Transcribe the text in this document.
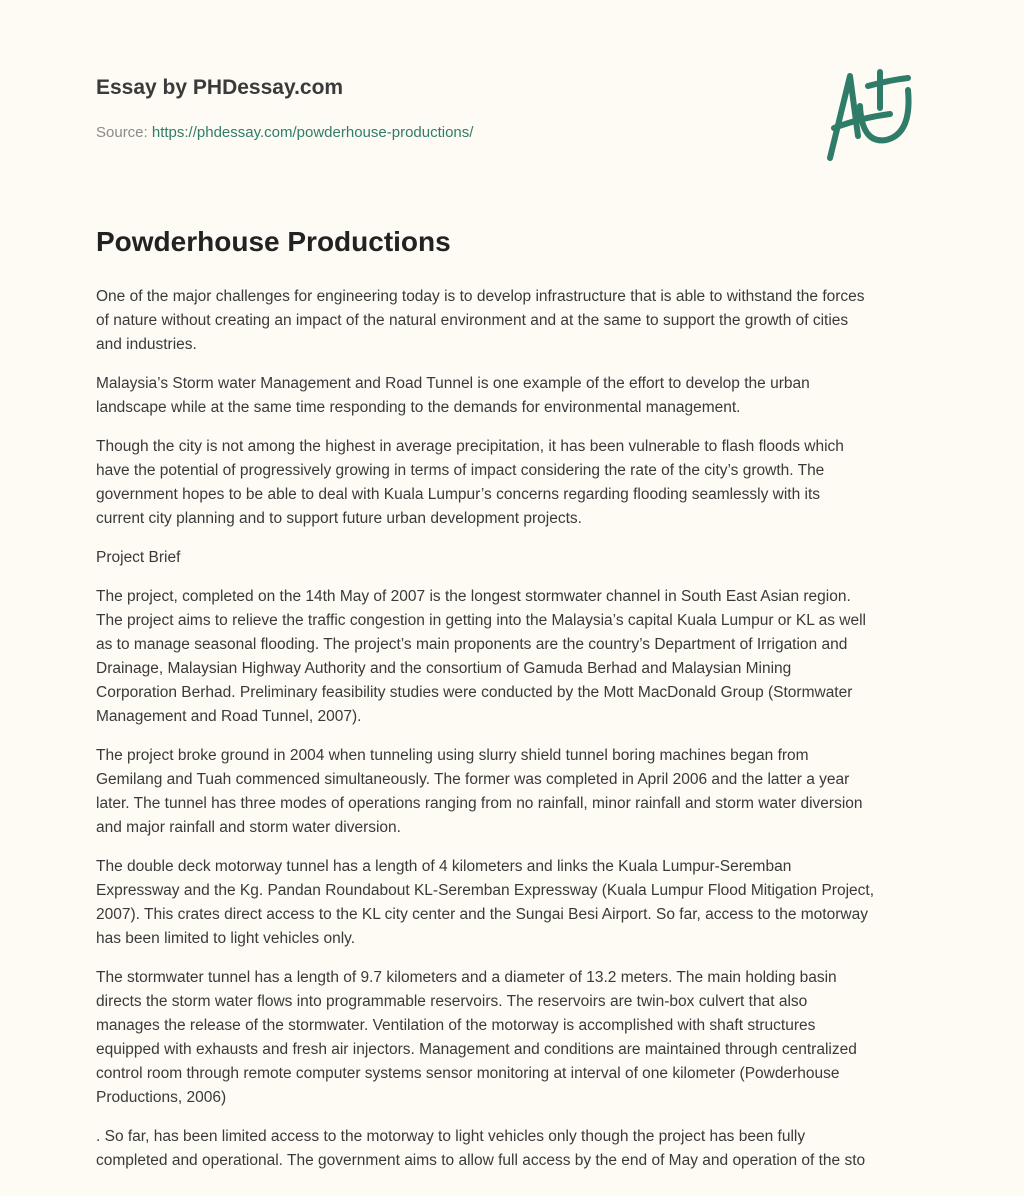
Essay by PHDessay.com
Source: https://phdessay.com/powderhouse-productions/
Powderhouse Productions
One of the major challenges for engineering today is to develop infrastructure that is able to withstand the forces
of nature without creating an impact of the natural environment and at the same to support the growth of cities
and industries.
Malaysia’s Storm water Management and Road Tunnel is one example of the effort to develop the urban
landscape while at the same time responding to the demands for environmental management.
Though the city is not among the highest in average precipitation, it has been vulnerable to flash floods which
have the potential of progressively growing in terms of impact considering the rate of the city’s growth. The
government hopes to be able to deal with Kuala Lumpur’s concerns regarding flooding seamlessly with its
current city planning and to support future urban development projects.
Project Brief
The project, completed on the 14th May of 2007 is the longest stormwater channel in South East Asian region.
The project aims to relieve the traffic congestion in getting into the Malaysia’s capital Kuala Lumpur or KL as well
as to manage seasonal flooding. The project’s main proponents are the country’s Department of Irrigation and
Drainage, Malaysian Highway Authority and the consortium of Gamuda Berhad and Malaysian Mining
Corporation Berhad. Preliminary feasibility studies were conducted by the Mott MacDonald Group (Stormwater
Management and Road Tunnel, 2007).
The project broke ground in 2004 when tunneling using slurry shield tunnel boring machines began from
Gemilang and Tuah commenced simultaneously. The former was completed in April 2006 and the latter a year
later. The tunnel has three modes of operations ranging from no rainfall, minor rainfall and storm water diversion
and major rainfall and storm water diversion.
The double deck motorway tunnel has a length of 4 kilometers and links the Kuala Lumpur-Seremban
Expressway and the Kg. Pandan Roundabout KL-Seremban Expressway (Kuala Lumpur Flood Mitigation Project,
2007). This crates direct access to the KL city center and the Sungai Besi Airport. So far, access to the motorway
has been limited to light vehicles only.
The stormwater tunnel has a length of 9.7 kilometers and a diameter of 13.2 meters. The main holding basin
directs the storm water flows into programmable reservoirs. The reservoirs are twin-box culvert that also
manages the release of the stormwater. Ventilation of the motorway is accomplished with shaft structures
equipped with exhausts and fresh air injectors. Management and conditions are maintained through centralized
control room through remote computer systems sensor monitoring at interval of one kilometer (Powderhouse
Productions, 2006)
. So far, has been limited access to the motorway to light vehicles only though the project has been fully
completed and operational. The government aims to allow full access by the end of May and operation of the sto
